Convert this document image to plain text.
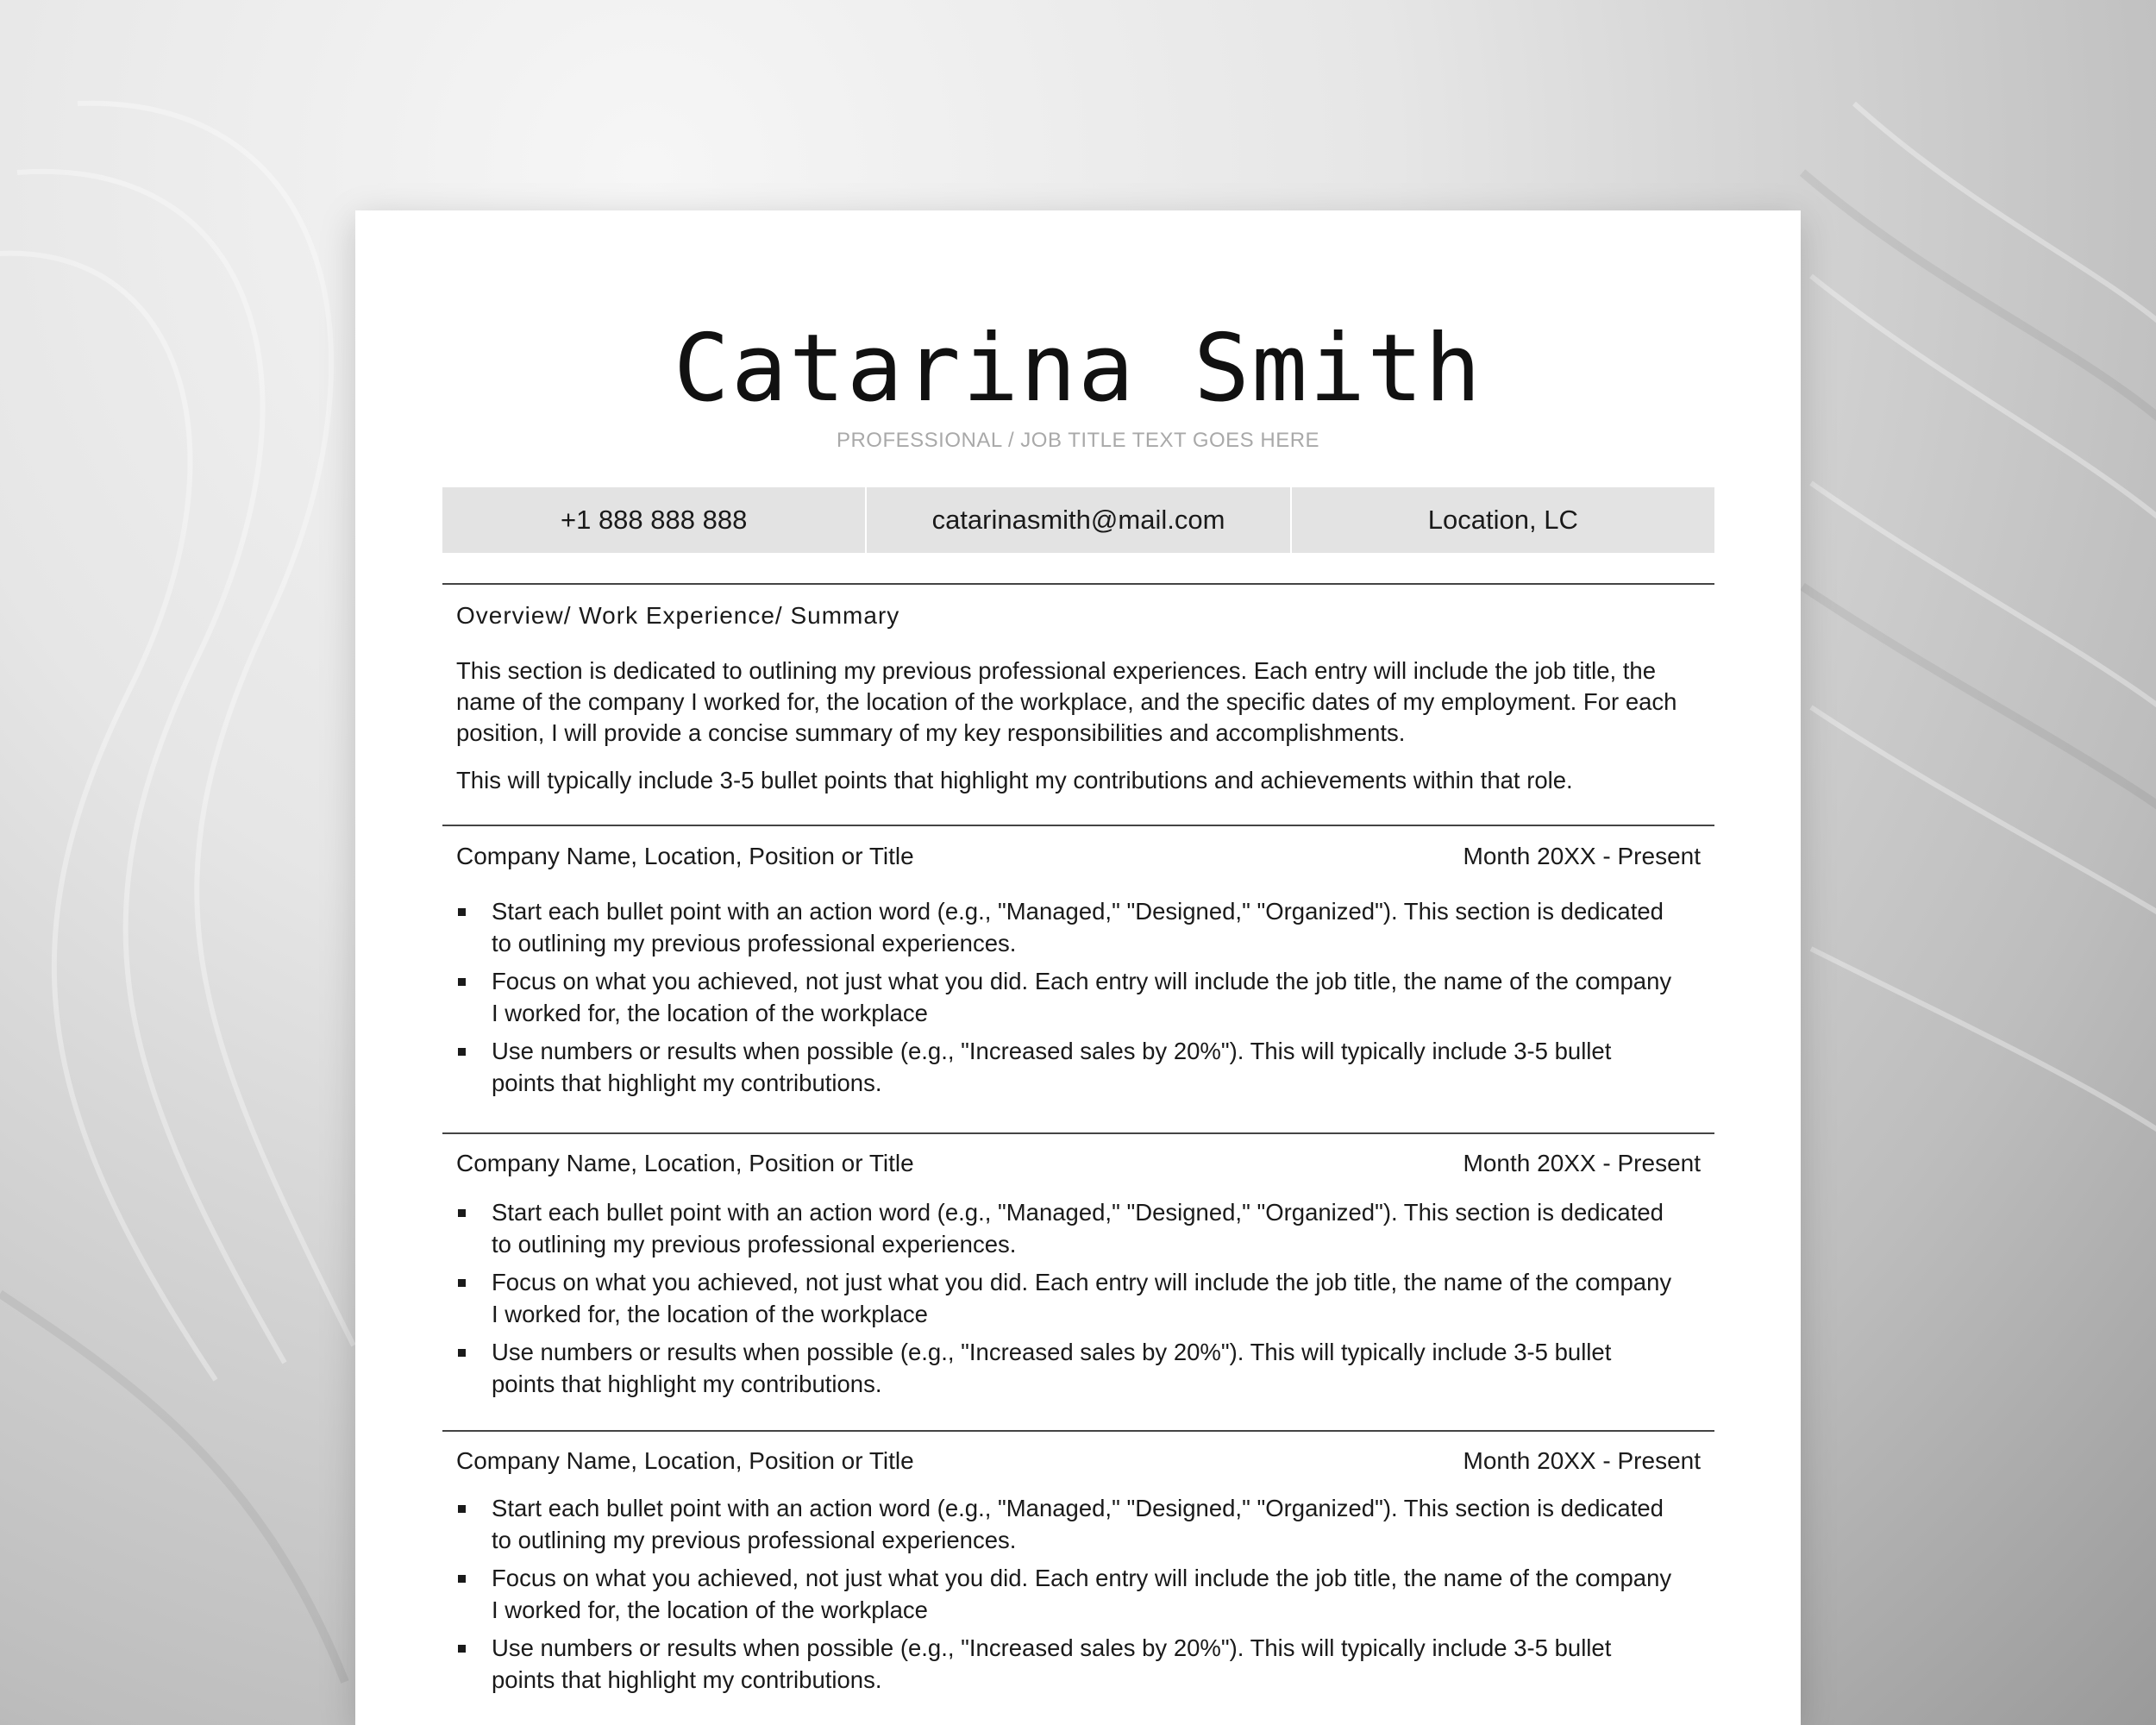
Catarina Smith
PROFESSIONAL / JOB TITLE TEXT GOES HERE
+1 888 888 888	catarinasmith@mail.com	Location, LC
Overview/ Work Experience/ Summary
This section is dedicated to outlining my previous professional experiences. Each entry will include the job title, the name of the company I worked for, the location of the workplace, and the specific dates of my employment. For each position, I will provide a concise summary of my key responsibilities and accomplishments.
This will typically include 3-5 bullet points that highlight my contributions and achievements within that role.
Company Name, Location, Position or Title	Month 20XX - Present
Start each bullet point with an action word (e.g., "Managed," "Designed," "Organized"). This section is dedicated to outlining my previous professional experiences.
Focus on what you achieved, not just what you did. Each entry will include the job title, the name of the company I worked for, the location of the workplace
Use numbers or results when possible (e.g., "Increased sales by 20%"). This will typically include 3-5 bullet points that highlight my contributions.
Company Name, Location, Position or Title	Month 20XX - Present
Start each bullet point with an action word (e.g., "Managed," "Designed," "Organized"). This section is dedicated to outlining my previous professional experiences.
Focus on what you achieved, not just what you did. Each entry will include the job title, the name of the company I worked for, the location of the workplace
Use numbers or results when possible (e.g., "Increased sales by 20%"). This will typically include 3-5 bullet points that highlight my contributions.
Company Name, Location, Position or Title	Month 20XX - Present
Start each bullet point with an action word (e.g., "Managed," "Designed," "Organized"). This section is dedicated to outlining my previous professional experiences.
Focus on what you achieved, not just what you did. Each entry will include the job title, the name of the company I worked for, the location of the workplace
Use numbers or results when possible (e.g., "Increased sales by 20%"). This will typically include 3-5 bullet points that highlight my contributions.
